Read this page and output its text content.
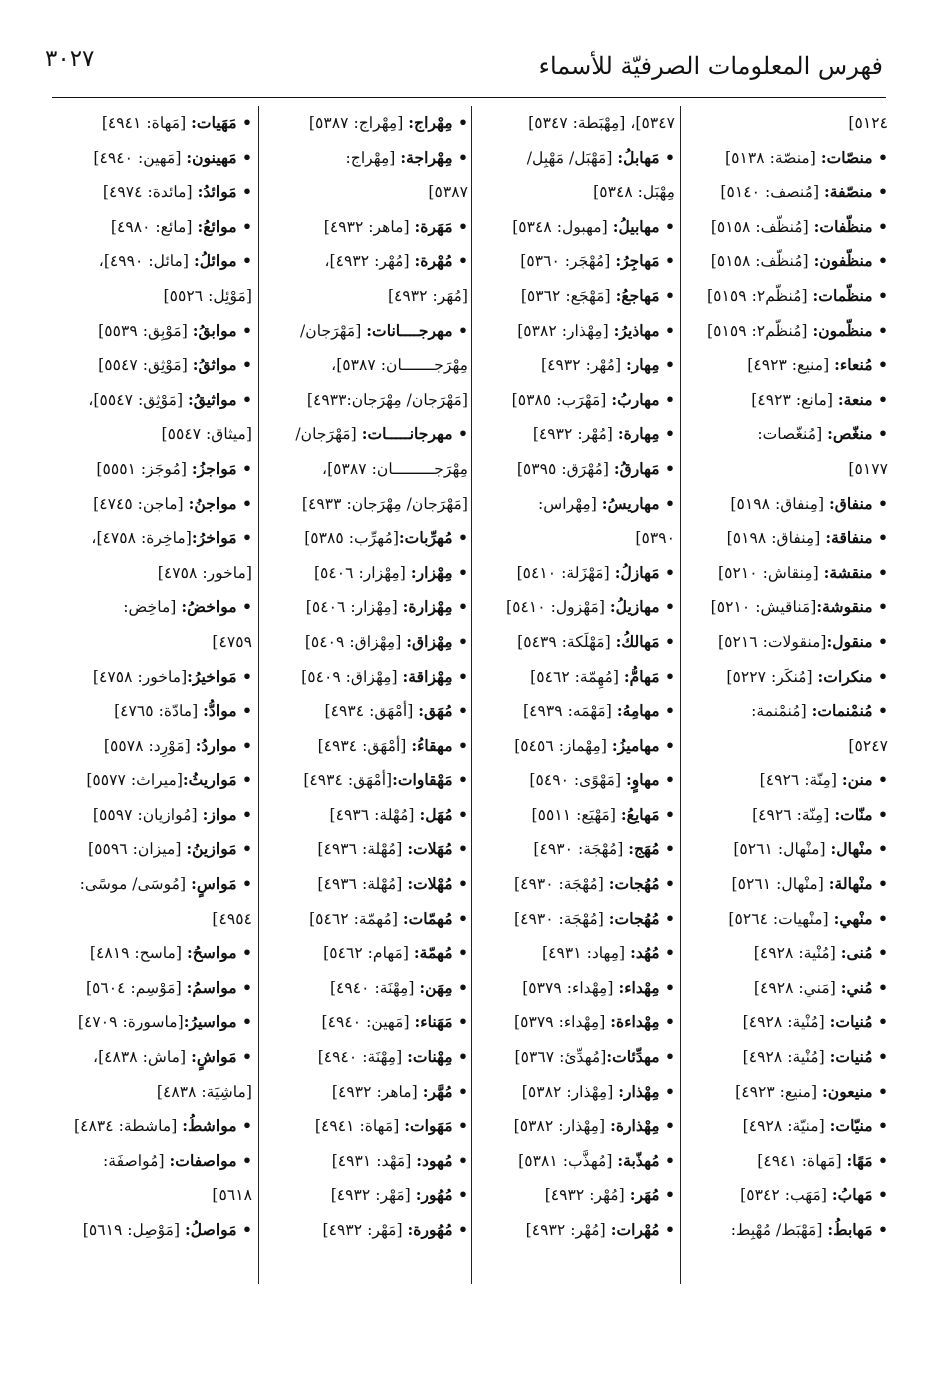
فهرس المعلومات الصرفيّة للأسماء
٣٠٢٧
٥١٢٤]
• منصّات: [منصّة: ٥١٣٨]
• منصّفة: [مُنصف: ٥١٤٠]
• منظّفات: [مُنظّف: ٥١٥٨]
• منظّفون: [مُنظّف: ٥١٥٨]
• منظّمات: [مُنظّم٢: ٥١٥٩]
• منظّمون: [مُنظّم٢: ٥١٥٩]
• مُنعاء: [منيع: ٤٩٢٣]
• منعة: [مانع: ٤٩٢٣]
• منغّص: [مُنغّصات:
٥١٧٧]
• منفاق: [مِنفاق: ٥١٩٨]
• منفاقة: [مِنفاق: ٥١٩٨]
• منقشة: [مِنقاش: ٥٢١٠]
• منقوشة:[مَناقيش: ٥٢١٠]
• منقول:[منقولات: ٥٢١٦]
• منكرات: [مُنكَر: ٥٢٢٧]
• مُنمْنمات: [مُنمْنمة:
٥٢٤٧]
• منن: [مِنّة: ٤٩٢٦]
• منّات: [مِنّة: ٤٩٢٦]
• منْهال: [منْهال: ٥٢٦١]
• منْهالة: [منْهال: ٥٢٦١]
• منْهي: [منْهيات: ٥٢٦٤]
• مُنى: [مُنْية: ٤٩٢٨]
• مُني: [مَني: ٤٩٢٨]
• مُنيات: [مُنْية: ٤٩٢٨]
• مُنيات: [مُنْية: ٤٩٢٨]
• منيعون: [منيع: ٤٩٢٣]
• منيّات: [منيّة: ٤٩٢٨]
• مَهًا: [مَهاة: ٤٩٤١]
• مَهابُ: [مَهَب: ٥٣٤٢]
• مَهابطُ: [مَهْبَط/ مُهْبِط:
٥٣٤٧]، [مِهْبَطة: ٥٣٤٧]
• مَهابلُ: [مَهْبَل/ مَهْبِل/
مِهْبَل: ٥٣٤٨]
• مهابيلُ: [مهبول: ٥٣٤٨]
• مَهاجِرُ: [مُهْجَر: ٥٣٦٠]
• مَهاجعُ: [مَهْجَع: ٥٣٦٢]
• مهاذيرُ: [مِهْذار: ٥٣٨٢]
• مِهار: [مُهْر: ٤٩٣٢]
• مهاربُ: [مَهْرَب: ٥٣٨٥]
• مِهارة: [مُهْر: ٤٩٣٢]
• مَهارقُ: [مُهْرَق: ٥٣٩٥]
• مهاريسُ: [مِهْراس:
٥٣٩٠]
• مَهازلُ: [مَهْزَلة: ٥٤١٠]
• مهازيلُ: [مَهْزول: ٥٤١٠]
• مَهالكُ: [مَهْلَكة: ٥٤٣٩]
• مَهامُّ: [مُهِمّة: ٥٤٦٢]
• مهامِهُ: [مَهْمَه: ٤٩٣٩]
• مهاميزُ: [مِهْماز: ٥٤٥٦]
• مهاوٍ: [مَهْوًى: ٥٤٩٠]
• مَهايعُ: [مَهْيَع: ٥٥١١]
• مُهَج: [مُهْجَة: ٤٩٣٠]
• مُهُجات: [مُهْجَة: ٤٩٣٠]
• مُهُجات: [مُهْجَة: ٤٩٣٠]
• مُهُد: [مِهاد: ٤٩٣١]
• مِهْداء: [مِهْداء: ٥٣٧٩]
• مِهْداءة: [مِهْداء: ٥٣٧٩]
• مهدِّئات:[مُهدِّئ: ٥٣٦٧]
• مِهْذار: [مِهْذار: ٥٣٨٢]
• مِهْذارة: [مِهْذار: ٥٣٨٢]
• مُهذّبة: [مُهذَّب: ٥٣٨١]
• مُهَر: [مُهْر: ٤٩٣٢]
• مُهْرات: [مُهْر: ٤٩٣٢]
• مِهْراج: [مِهْراج: ٥٣٨٧]
• مِهْراجة: [مِهْراج:
٥٣٨٧]
• مَهَرة: [ماهر: ٤٩٣٢]
• مُهْرة: [مُهْر: ٤٩٣٢]،
[مُهَر: ٤٩٣٢]
• مهرجــــانات: [مَهْرَجان/
مِهْرَجـــــــان: ٥٣٨٧]،
[مَهْرَجان/ مِهْرَجان:٤٩٣٣]
• مهرجانـــــات: [مَهْرَجان/
مِهْرَجـــــــــان: ٥٣٨٧]،
[مَهْرَجان/ مِهْرَجان: ٤٩٣٣]
• مُهرِّبات:[مُهرِّب: ٥٣٨٥]
• مِهْزار: [مِهْزار: ٥٤٠٦]
• مِهْزارة: [مِهْزار: ٥٤٠٦]
• مِهْزاق: [مِهْزاق: ٥٤٠٩]
• مِهْزاقة: [مِهْزاق: ٥٤٠٩]
• مُهَق: [أمْهَق: ٤٩٣٤]
• مهقاءُ: [أمْهَق: ٤٩٣٤]
• مَهْقاوات:[أمْهَق: ٤٩٣٤]
• مُهَل: [مُهْلة: ٤٩٣٦]
• مُهَلات: [مُهْلة: ٤٩٣٦]
• مُهْلات: [مُهْلة: ٤٩٣٦]
• مُهمّات: [مُهمّة: ٥٤٦٢]
• مُهمّة: [مَهام: ٥٤٦٢]
• مِهَن: [مِهْنَة: ٤٩٤٠]
• مَهَناء: [مَهين: ٤٩٤٠]
• مِهْنات: [مِهْنَة: ٤٩٤٠]
• مُهَّر: [ماهر: ٤٩٣٢]
• مَهَوات: [مَهاة: ٤٩٤١]
• مُهود: [مَهْد: ٤٩٣١]
• مُهُور: [مَهْر: ٤٩٣٢]
• مُهُورة: [مَهْر: ٤٩٣٢]
• مَهَيات: [مَهاة: ٤٩٤١]
• مَهينون: [مَهين: ٤٩٤٠]
• مَوائدُ: [مائدة: ٤٩٧٤]
• موائعُ: [مائع: ٤٩٨٠]
• موائلُ: [مائل: ٤٩٩٠]،
[مَوْئِل: ٥٥٢٦]
• موابقُ: [مَوْبِق: ٥٥٣٩]
• مواثقُ: [مَوْثِق: ٥٥٤٧]
• مواثيقُ: [مَوْثِق: ٥٥٤٧]،
[ميثاق: ٥٥٤٧]
• مَواجزُ: [مُوجَز: ٥٥٥١]
• مواجنُ: [ماجن: ٤٧٤٥]
• مَواخرُ:[ماخِرة: ٤٧٥٨]،
[ماخور: ٤٧٥٨]
• مواخضُ: [ماخِض:
٤٧٥٩]
• مَواخيرُ:[ماخور: ٤٧٥٨]
• موادُّ: [مادّة: ٤٧٦٥]
• مواردُ: [مَوْرِد: ٥٥٧٨]
• مَواريثُ:[ميراث: ٥٥٧٧]
• مواز: [مُوازيان: ٥٥٩٧]
• مَوازينُ: [ميزان: ٥٥٩٦]
• مَواسٍ: [مُوسَى/ موسًى:
٤٩٥٤]
• مواسحُ: [ماسح: ٤٨١٩]
• مواسمُ: [مَوْسِم: ٥٦٠٤]
• مواسيرُ:[ماسورة: ٤٧٠٩]
• مَواشٍ: [ماش: ٤٨٣٨]،
[ماشِيَة: ٤٨٣٨]
• مواشطُ: [ماشطة: ٤٨٣٤]
• مواصفات: [مُواصفَة:
٥٦١٨]
• مَواصلُ: [مَوْصِل: ٥٦١٩]
